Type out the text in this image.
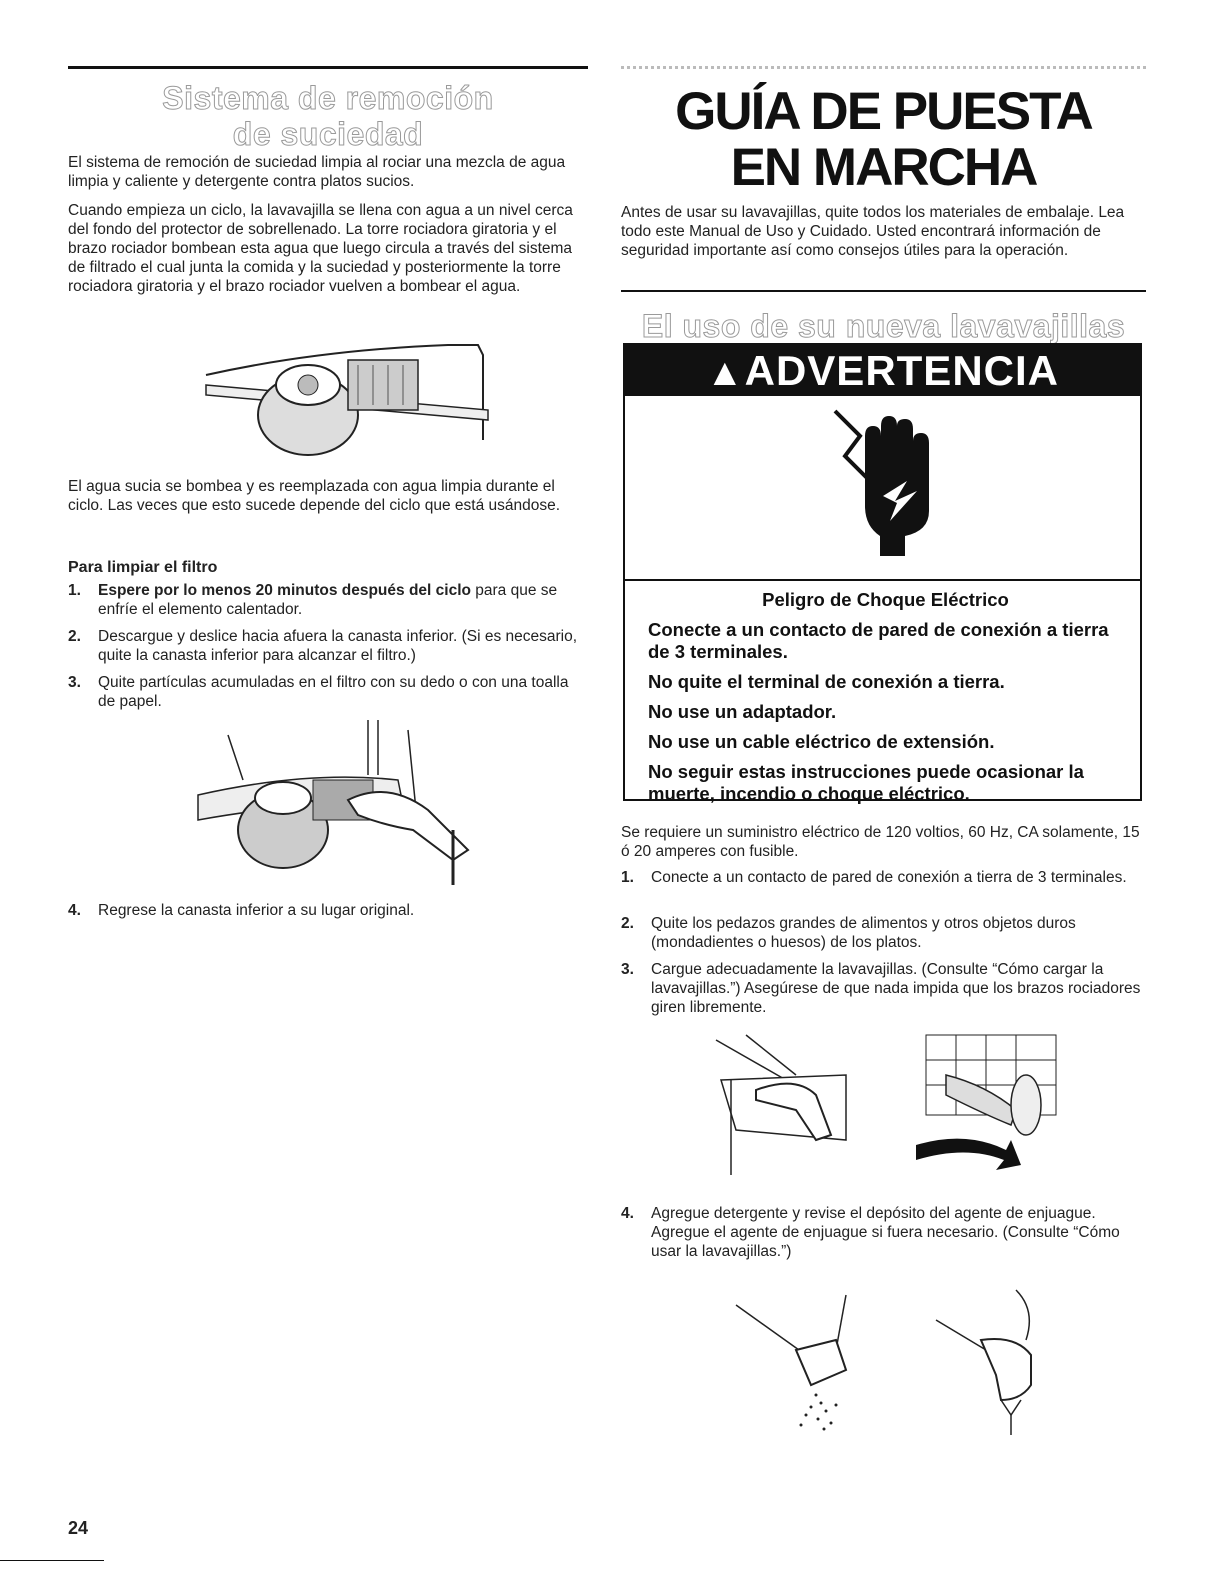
Sistema de remoción
de suciedad

El sistema de remoción de suciedad limpia al rociar una mezcla de agua limpia y caliente y detergente contra platos sucios.

Cuando empieza un ciclo, la lavavajilla se llena con agua a un nivel cerca del fondo del protector de sobrellenado. La torre rociadora giratoria y el brazo rociador bombean esta agua que luego circula a través del sistema de filtrado el cual junta la comida y la suciedad y posteriormente la torre rociadora giratoria y el brazo rociador vuelven a bombear el agua.

El agua sucia se bombea y es reemplazada con agua limpia durante el ciclo. Las veces que esto sucede depende del ciclo que está usándose.

Para limpiar el filtro
1. Espere por lo menos 20 minutos después del ciclo para que se enfríe el elemento calentador.
2. Descargue y deslice hacia afuera la canasta inferior. (Si es necesario, quite la canasta inferior para alcanzar el filtro.)
3. Quite partículas acumuladas en el filtro con su dedo o con una toalla de papel.
4. Regrese la canasta inferior a su lugar original.
GUÍA DE PUESTA
EN MARCHA

Antes de usar su lavavajillas, quite todos los materiales de embalaje. Lea todo este Manual de Uso y Cuidado. Usted encontrará información de seguridad importante así como consejos útiles para la operación.

El uso de su nueva lavavajillas
▲ADVERTENCIA
Peligro de Choque Eléctrico
Conecte a un contacto de pared de conexión a tierra de 3 terminales.
No quite el terminal de conexión a tierra.
No use un adaptador.
No use un cable eléctrico de extensión.
No seguir estas instrucciones puede ocasionar la muerte, incendio o choque eléctrico.

Se requiere un suministro eléctrico de 120 voltios, 60 Hz, CA solamente, 15 ó 20 amperes con fusible.

1. Conecte a un contacto de pared de conexión a tierra de 3 terminales.
2. Quite los pedazos grandes de alimentos y otros objetos duros (mondadientes o huesos) de los platos.
3. Cargue adecuadamente la lavavajillas. (Consulte “Cómo cargar la lavavajillas.”) Asegúrese de que nada impida que los brazos rociadores giren libremente.
4. Agregue detergente y revise el depósito del agente de enjuague. Agregue el agente de enjuague si fuera necesario. (Consulte “Cómo usar la lavavajillas.”)
24
